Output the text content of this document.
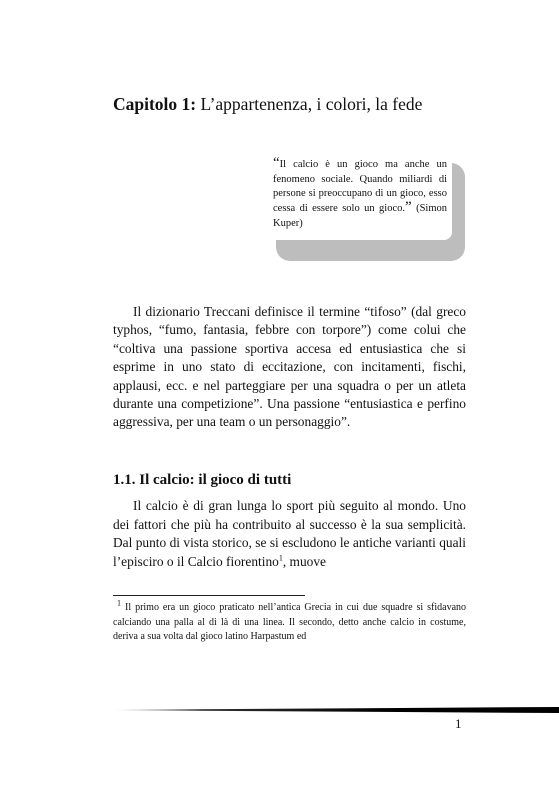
Capitolo 1: L’appartenenza, i colori, la fede
“Il calcio è un gioco ma anche un fenomeno sociale. Quando miliardi di persone si preoccupano di un gioco, esso cessa di essere solo un gioco.” (Simon Kuper)

Il dizionario Treccani definisce il termine “tifoso” (dal greco typhos, “fumo, fantasia, febbre con torpore”) come colui che “coltiva una passione sportiva accesa ed entusiastica che si esprime in uno stato di eccitazione, con incitamenti, fischi, applausi, ecc. e nel parteggiare per una squadra o per un atleta durante una competizione”. Una passione “entusiastica e perfino aggressiva, per una team o un personaggio”.

1.1. Il calcio: il gioco di tutti

Il calcio è di gran lunga lo sport più seguito al mondo. Uno dei fattori che più ha contribuito al successo è la sua semplicità. Dal punto di vista storico, se si escludono le antiche varianti quali l’episciro o il Calcio fiorentino$^1$, muove

$^1$ Il primo era un gioco praticato nell’antica Grecia in cui due squadre si sfidavano calciando una palla al di là di una linea. Il secondo, detto anche calcio in costume, deriva a sua volta dal gioco latino Harpastum ed

1
